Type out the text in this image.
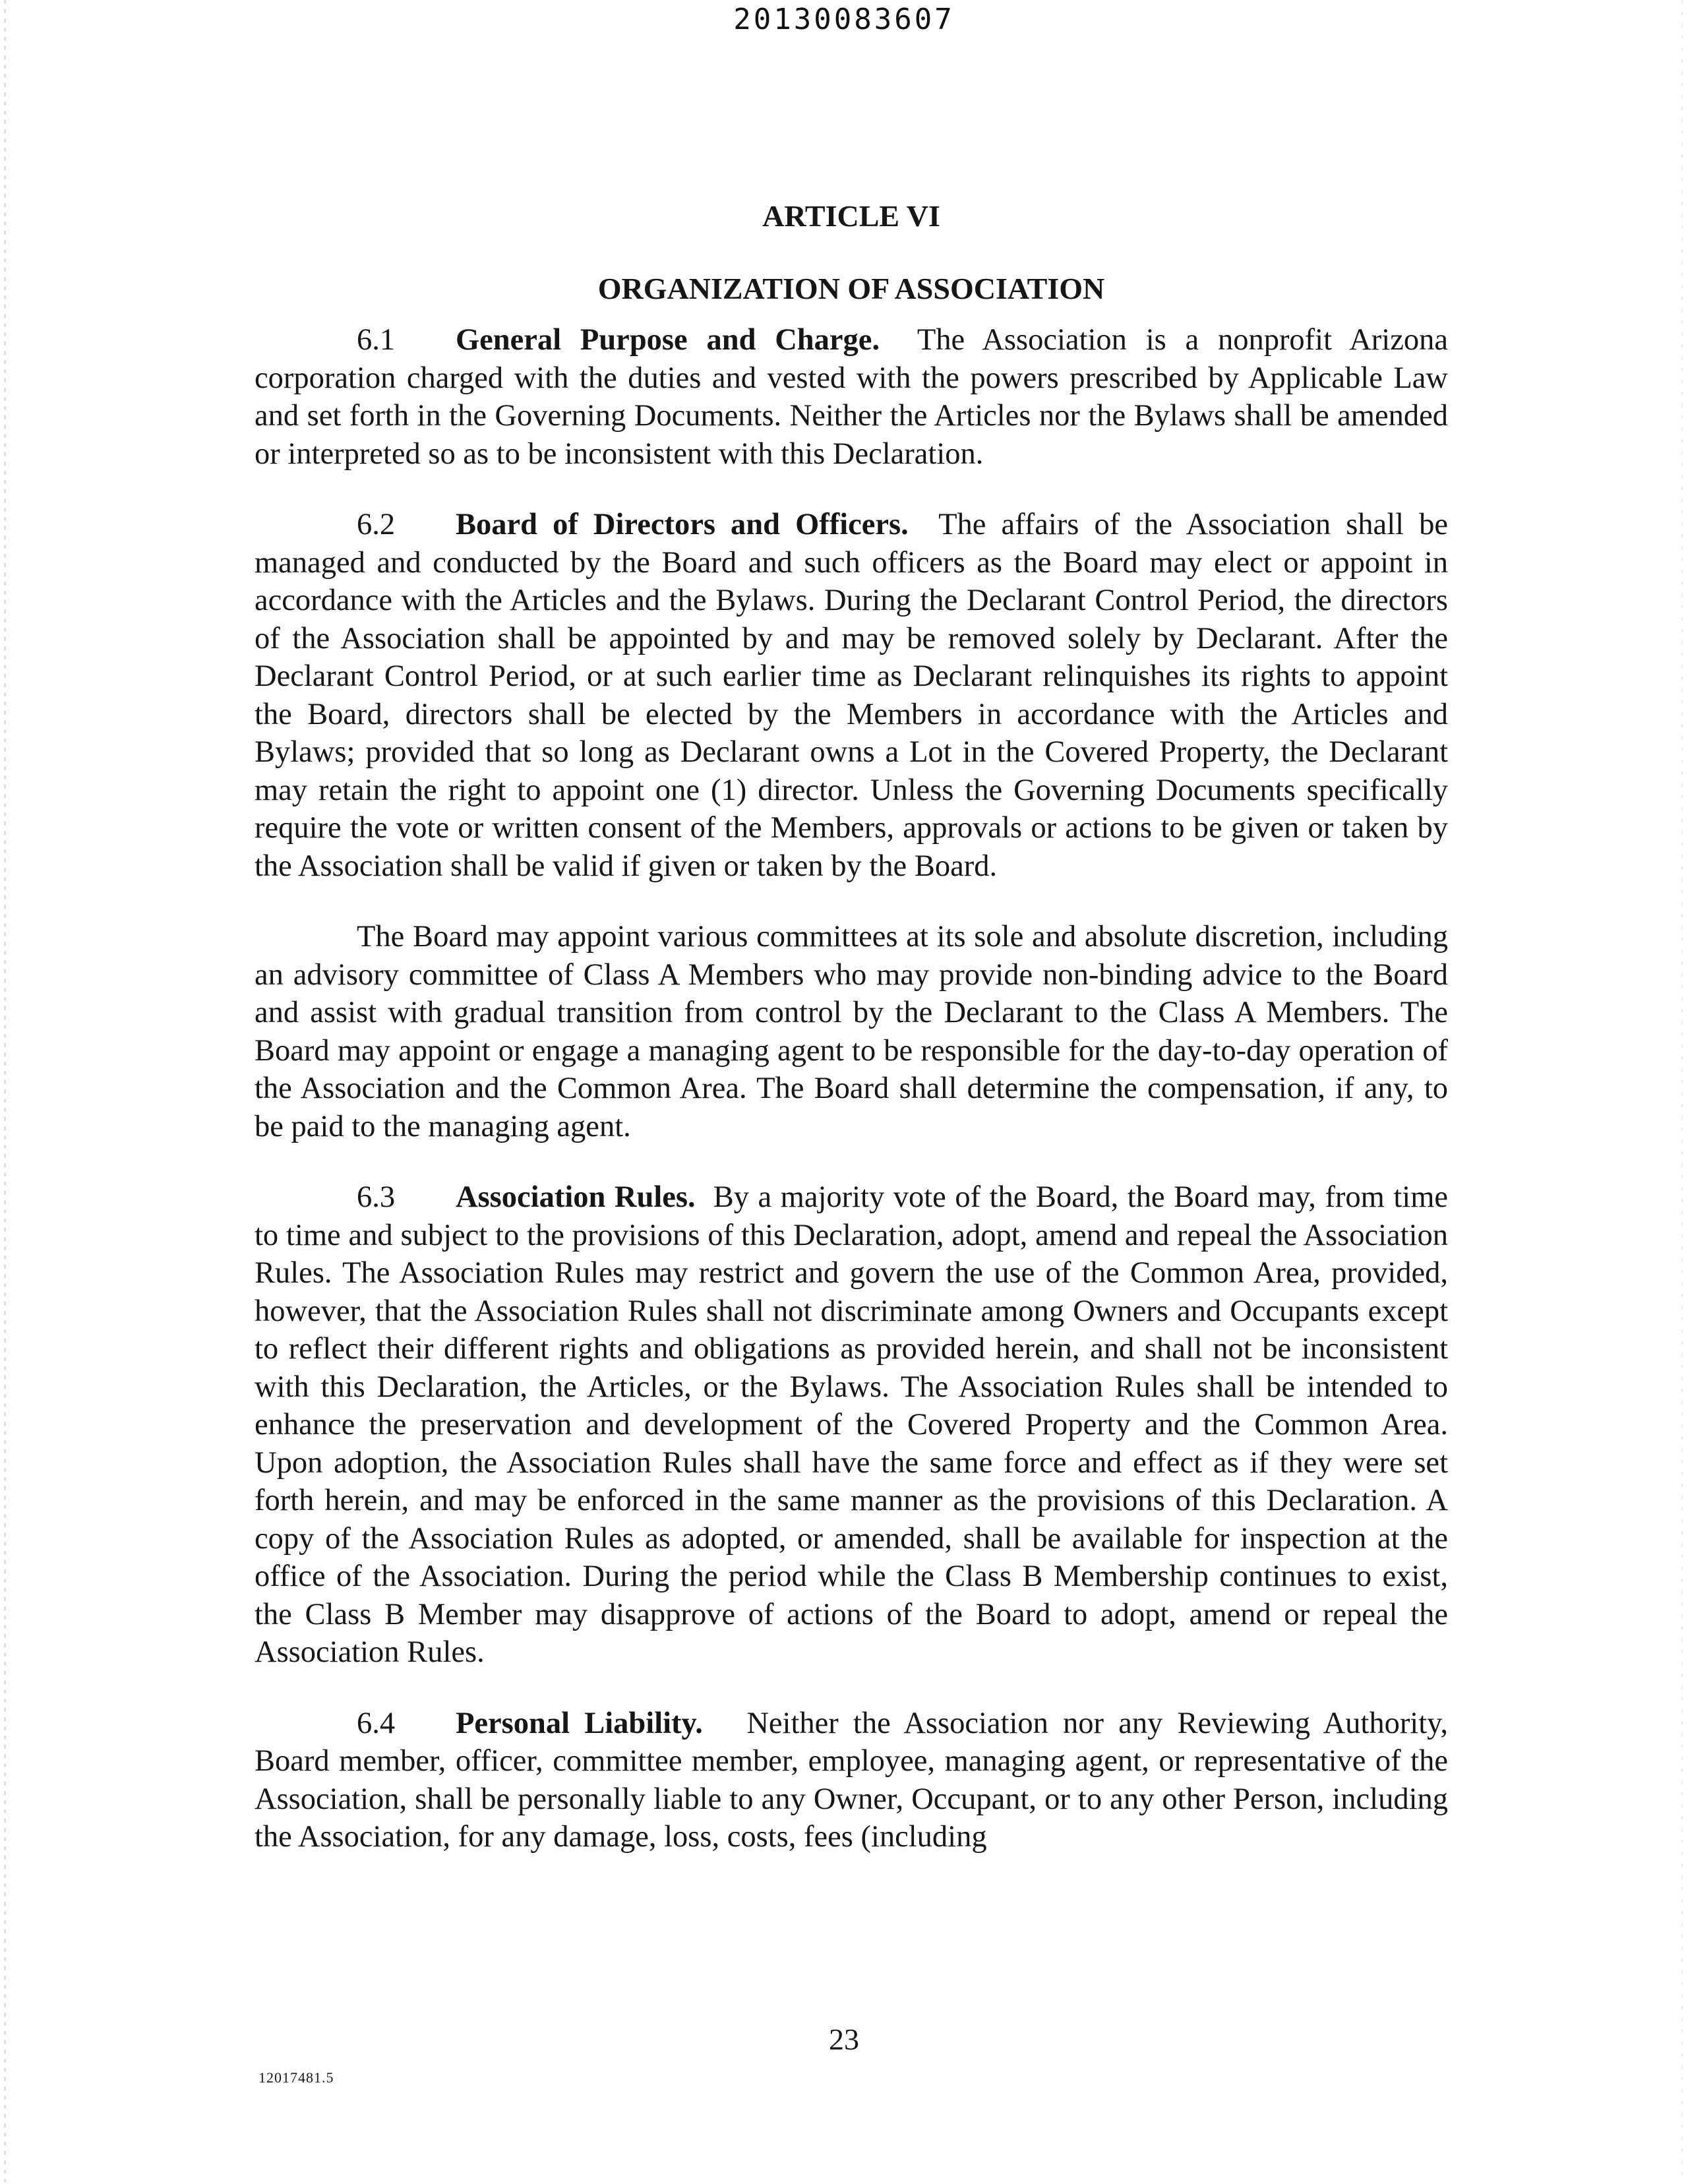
20130083607
ARTICLE VI
ORGANIZATION OF ASSOCIATION

6.1 General Purpose and Charge. The Association is a nonprofit Arizona corporation charged with the duties and vested with the powers prescribed by Applicable Law and set forth in the Governing Documents. Neither the Articles nor the Bylaws shall be amended or interpreted so as to be inconsistent with this Declaration.

6.2 Board of Directors and Officers. The affairs of the Association shall be managed and conducted by the Board and such officers as the Board may elect or appoint in accordance with the Articles and the Bylaws. During the Declarant Control Period, the directors of the Association shall be appointed by and may be removed solely by Declarant. After the Declarant Control Period, or at such earlier time as Declarant relinquishes its rights to appoint the Board, directors shall be elected by the Members in accordance with the Articles and Bylaws; provided that so long as Declarant owns a Lot in the Covered Property, the Declarant may retain the right to appoint one (1) director. Unless the Governing Documents specifically require the vote or written consent of the Members, approvals or actions to be given or taken by the Association shall be valid if given or taken by the Board.

The Board may appoint various committees at its sole and absolute discretion, including an advisory committee of Class A Members who may provide non-binding advice to the Board and assist with gradual transition from control by the Declarant to the Class A Members. The Board may appoint or engage a managing agent to be responsible for the day-to-day operation of the Association and the Common Area. The Board shall determine the compensation, if any, to be paid to the managing agent.

6.3 Association Rules. By a majority vote of the Board, the Board may, from time to time and subject to the provisions of this Declaration, adopt, amend and repeal the Association Rules. The Association Rules may restrict and govern the use of the Common Area, provided, however, that the Association Rules shall not discriminate among Owners and Occupants except to reflect their different rights and obligations as provided herein, and shall not be inconsistent with this Declaration, the Articles, or the Bylaws. The Association Rules shall be intended to enhance the preservation and development of the Covered Property and the Common Area. Upon adoption, the Association Rules shall have the same force and effect as if they were set forth herein, and may be enforced in the same manner as the provisions of this Declaration. A copy of the Association Rules as adopted, or amended, shall be available for inspection at the office of the Association. During the period while the Class B Membership continues to exist, the Class B Member may disapprove of actions of the Board to adopt, amend or repeal the Association Rules.

6.4 Personal Liability. Neither the Association nor any Reviewing Authority, Board member, officer, committee member, employee, managing agent, or representative of the Association, shall be personally liable to any Owner, Occupant, or to any other Person, including the Association, for any damage, loss, costs, fees (including

23
12017481.5
